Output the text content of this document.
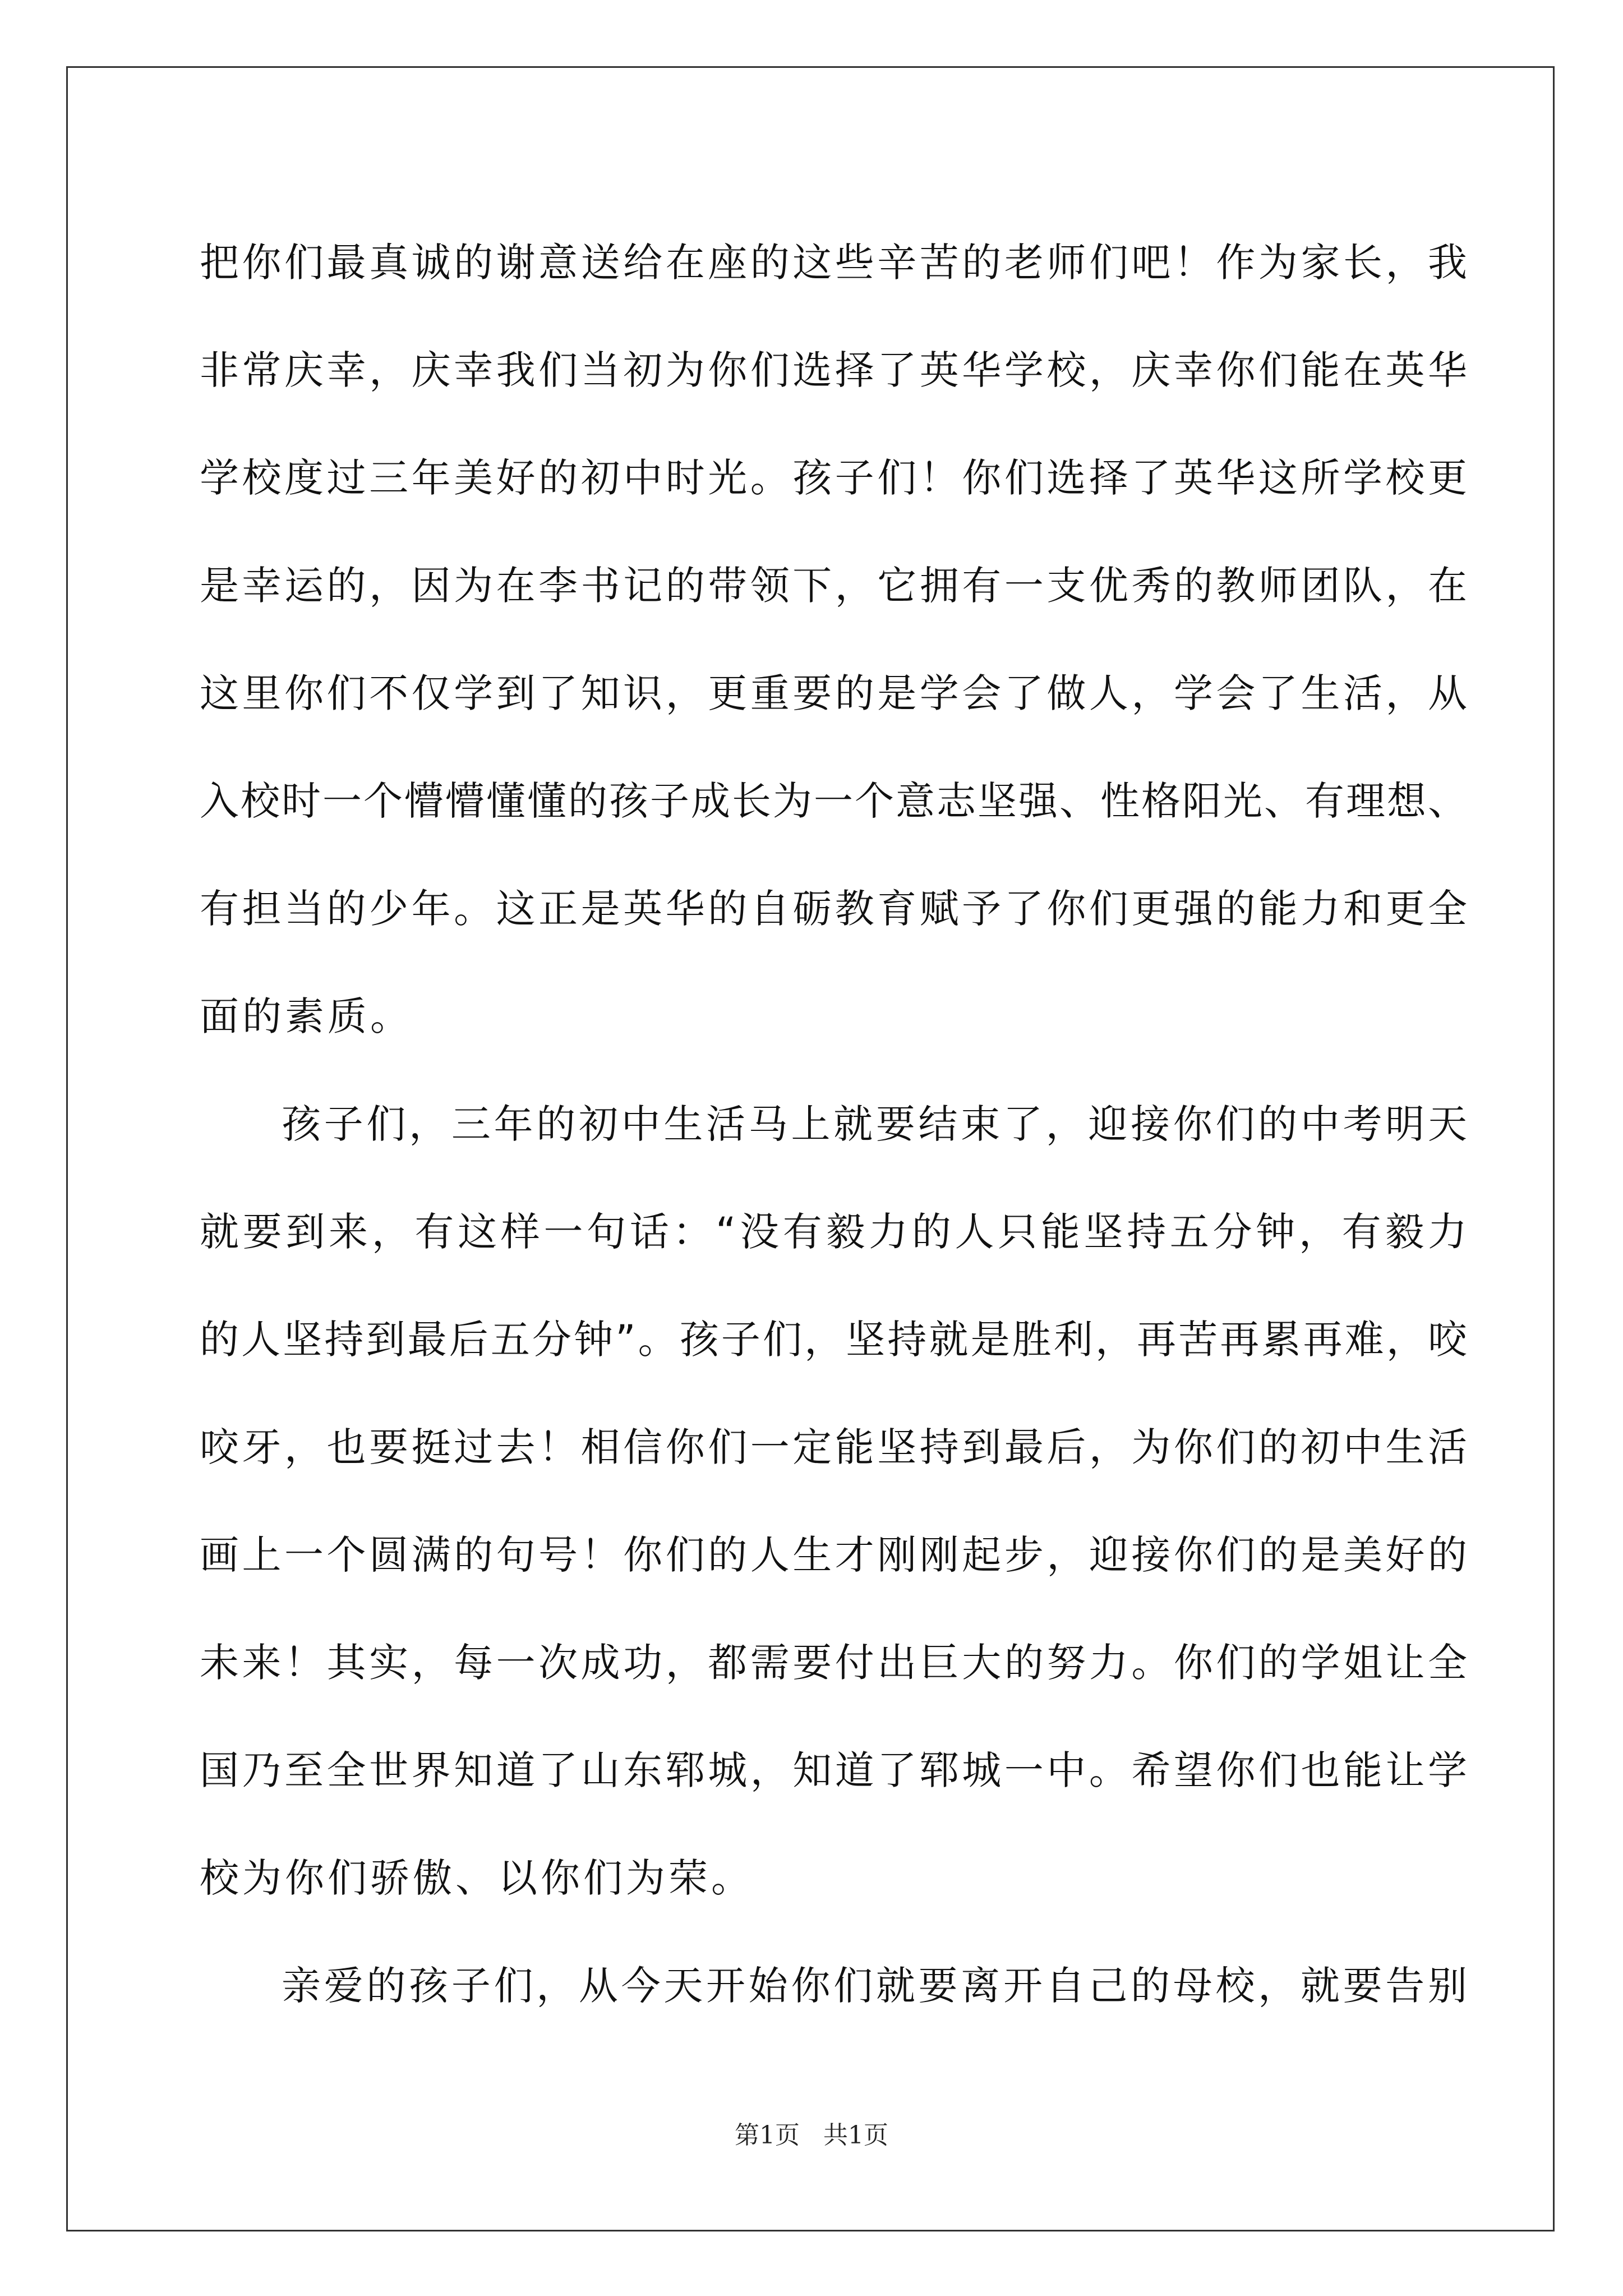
把你们最真诚的谢意送给在座的这些辛苦的老师们吧！作为家长，我
非常庆幸，庆幸我们当初为你们选择了英华学校，庆幸你们能在英华
学校度过三年美好的初中时光。孩子们！你们选择了英华这所学校更
是幸运的，因为在李书记的带领下，它拥有一支优秀的教师团队，在
这里你们不仅学到了知识，更重要的是学会了做人，学会了生活，从
入校时一个懵懵懂懂的孩子成长为一个意志坚强、性格阳光、有理想、
有担当的少年。这正是英华的自砺教育赋予了你们更强的能力和更全
面的素质。
孩子们，三年的初中生活马上就要结束了，迎接你们的中考明天
就要到来，有这样一句话：“没有毅力的人只能坚持五分钟，有毅力
的人坚持到最后五分钟”。孩子们，坚持就是胜利，再苦再累再难，咬
咬牙，也要挺过去！相信你们一定能坚持到最后，为你们的初中生活
画上一个圆满的句号！你们的人生才刚刚起步，迎接你们的是美好的
未来！其实，每一次成功，都需要付出巨大的努力。你们的学姐让全
国乃至全世界知道了山东郓城，知道了郓城一中。希望你们也能让学
校为你们骄傲、以你们为荣。
亲爱的孩子们，从今天开始你们就要离开自己的母校，就要告别
第1页   共1页
